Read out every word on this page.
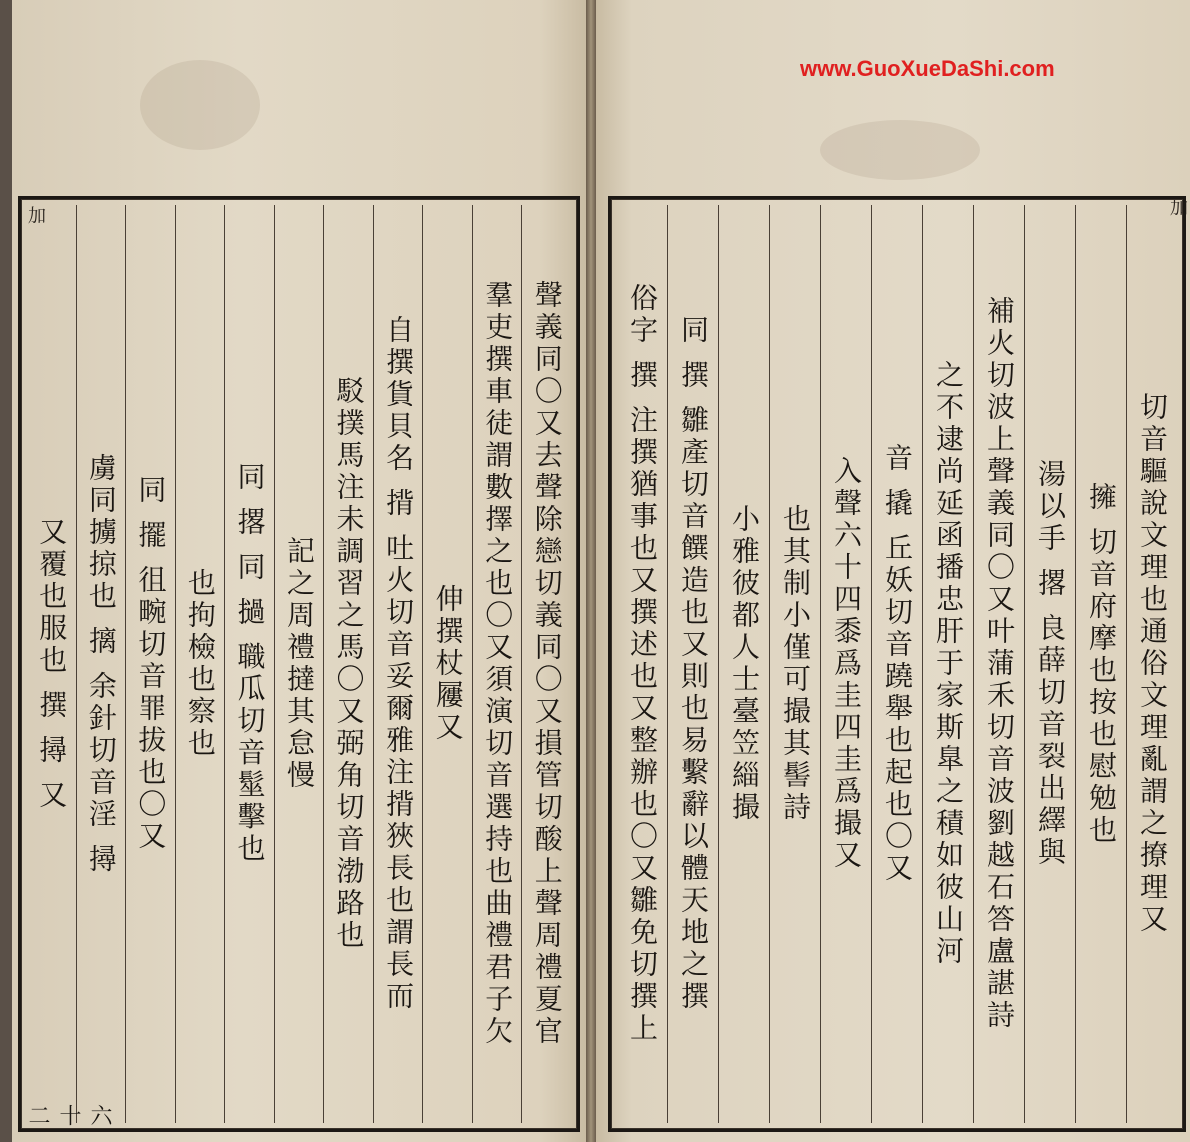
www.GuoXueDaShi.com
加	加
聲義同〇又去聲除戀切義同〇又損管切酸上聲周禮夏官
羣吏撰車徒謂數擇之也〇又須演切音選持也曲禮君子欠
伸撰杖屨又
自撰貨貝名 揹 吐火切音妥爾雅注揹狹長也謂長而
駁撲馬注未調習之馬〇又弼角切音渤路也
記之周禮撻其怠慢
同 撂 同 撾 職瓜切音髽擊也
也拘檢也察也
同 擺 徂畹切音罪拔也〇又
虜同擄掠也 摛 余針切音淫 撏
又覆也服也 撰 撏 又	切音驅說文理也通俗文理亂謂之撩理又
擁 切音府摩也按也慰勉也
湯以手 撂 良薛切音裂出繹與
補火切波上聲義同〇又叶蒲禾切音波劉越石答盧諶詩
之不逮尚延函播忠肝于家斯臯之積如彼山河
音 撬 丘妖切音蹺舉也起也〇又
入聲六十四黍爲圭四圭爲撮又
也其制小僅可撮其髻詩
小雅彼都人士臺笠緇撮
同 撰 雛產切音饌造也又則也易繫辭以體天地之撰
俗字 撰 注撰猶事也又撰述也又整辦也〇又雛免切撰上
六十二
